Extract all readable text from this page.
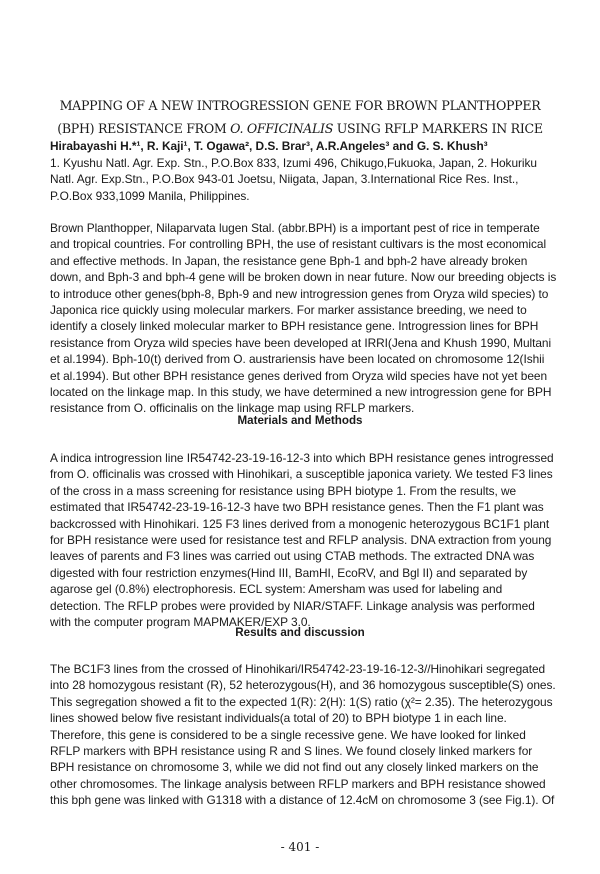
MAPPING OF A NEW INTROGRESSION GENE FOR BROWN PLANTHOPPER
(BPH) RESISTANCE FROM O. OFFICINALIS USING RFLP MARKERS IN RICE

Hirabayashi H.*¹, R. Kaji¹, T. Ogawa², D.S. Brar³, A.R.Angeles³ and G. S. Khush³

1. Kyushu Natl. Agr. Exp. Stn., P.O.Box 833, Izumi 496, Chikugo,Fukuoka, Japan, 2. Hokuriku
Natl. Agr. Exp.Stn., P.O.Box 943-01 Joetsu, Niigata, Japan, 3.International Rice Res. Inst.,
P.O.Box 933,1099 Manila, Philippines.

Brown Planthopper, Nilaparvata lugen Stal. (abbr.BPH) is a important pest of rice in temperate
and tropical countries. For controlling BPH, the use of resistant cultivars is the most economical
and effective methods. In Japan, the resistance gene Bph-1 and bph-2 have already broken
down, and Bph-3 and bph-4 gene will be broken down in near future. Now our breeding objects is
to introduce other genes(bph-8, Bph-9 and new introgression genes from Oryza wild species) to
Japonica rice quickly using molecular markers. For marker assistance breeding, we need to
identify a closely linked molecular marker to BPH resistance gene. Introgression lines for BPH
resistance from Oryza wild species have been developed at IRRI(Jena and Khush 1990, Multani
et al.1994). Bph-10(t) derived from O. austrariensis have been located on chromosome 12(Ishii
et al.1994). But other BPH resistance genes derived from Oryza wild species have not yet been
located on the linkage map. In this study, we have determined a new introgression gene for BPH
resistance from O. officinalis on the linkage map using RFLP markers.

Materials and Methods

A indica introgression line IR54742-23-19-16-12-3 into which BPH resistance genes introgressed
from O. officinalis was crossed with Hinohikari, a susceptible japonica variety. We tested F3 lines
of the cross in a mass screening for resistance using BPH biotype 1. From the results, we
estimated that IR54742-23-19-16-12-3 have two BPH resistance genes. Then the F1 plant was
backcrossed with Hinohikari. 125 F3 lines derived from a monogenic heterozygous BC1F1 plant
for BPH resistance were used for resistance test and RFLP analysis. DNA extraction from young
leaves of parents and F3 lines was carried out using CTAB methods. The extracted DNA was
digested with four restriction enzymes(Hind III, BamHI, EcoRV, and Bgl II) and separated by
agarose gel (0.8%) electrophoresis. ECL system: Amersham was used for labeling and
detection. The RFLP probes were provided by NIAR/STAFF. Linkage analysis was performed
with the computer program MAPMAKER/EXP 3.0.

Results and discussion

The BC1F3 lines from the crossed of Hinohikari/IR54742-23-19-16-12-3//Hinohikari segregated
into 28 homozygous resistant (R), 52 heterozygous(H), and 36 homozygous susceptible(S) ones.
This segregation showed a fit to the expected 1(R): 2(H): 1(S) ratio (χ²= 2.35). The heterozygous
lines showed below five resistant individuals(a total of 20) to BPH biotype 1 in each line.
Therefore, this gene is considered to be a single recessive gene. We have looked for linked
RFLP markers with BPH resistance using R and S lines. We found closely linked markers for
BPH resistance on chromosome 3, while we did not find out any closely linked markers on the
other chromosomes. The linkage analysis between RFLP markers and BPH resistance showed
this bph gene was linked with G1318 with a distance of 12.4cM on chromosome 3 (see Fig.1). Of

- 401 -
